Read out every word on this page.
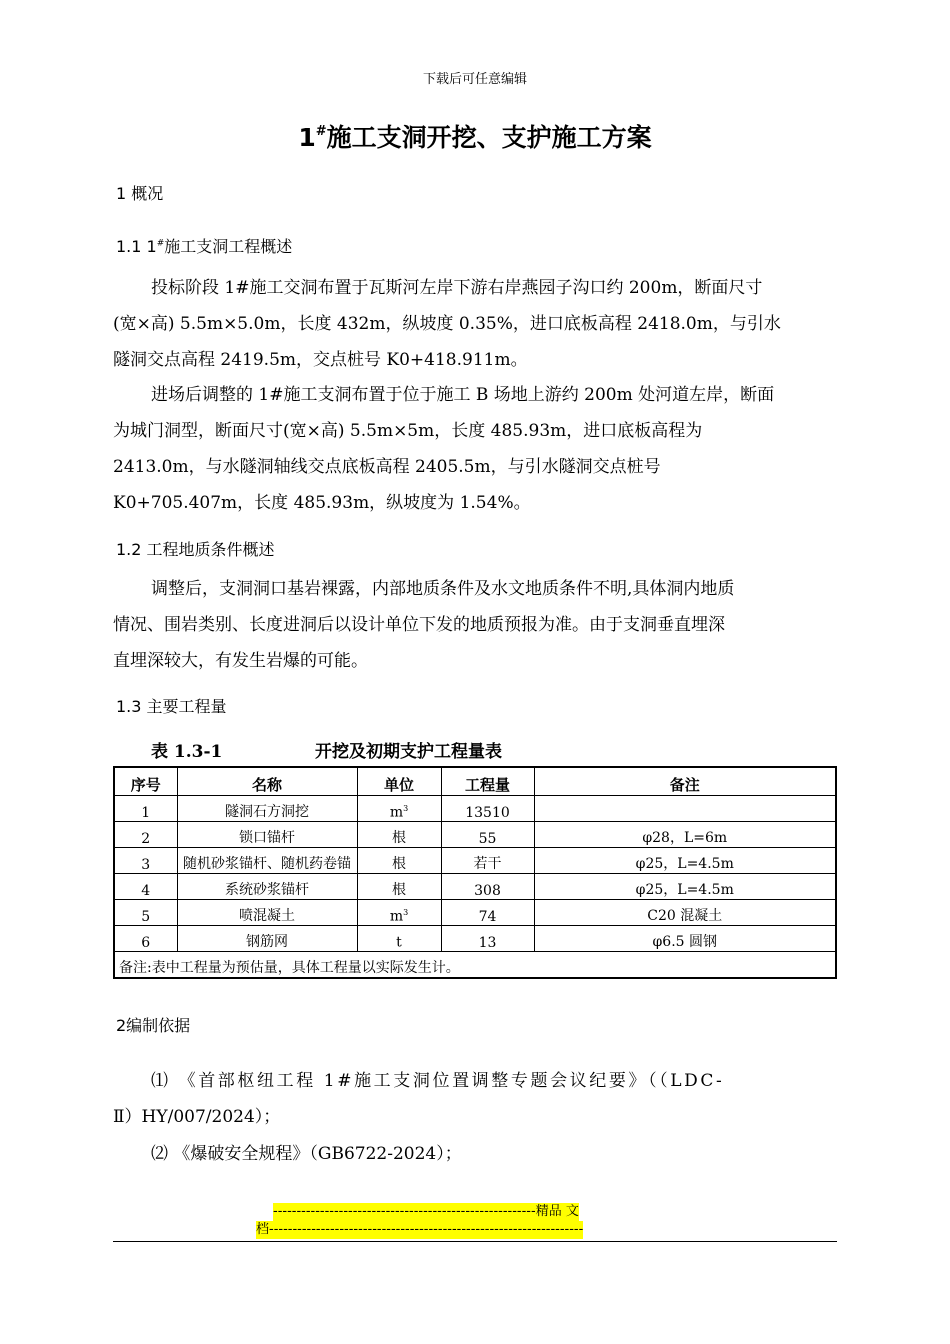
下载后可任意编辑
1#施工支洞开挖、支护施工方案
1 概况
1.1 1#施工支洞工程概述
投标阶段 1#施工交洞布置于瓦斯河左岸下游右岸燕园子沟口约 200m，断面尺寸
(宽×高) 5.5m×5.0m，长度 432m，纵坡度 0.35%，进口底板高程 2418.0m，与引水
隧洞交点高程 2419.5m，交点桩号 K0+418.911m。
进场后调整的 1#施工支洞布置于位于施工 B 场地上游约 200m 处河道左岸，断面
为城门洞型，断面尺寸(宽×高) 5.5m×5m，长度 485.93m，进口底板高程为
2413.0m，与水隧洞轴线交点底板高程 2405.5m，与引水隧洞交点桩号
K0+705.407m，长度 485.93m，纵坡度为 1.54%。
1.2 工程地质条件概述
调整后，支洞洞口基岩裸露，内部地质条件及水文地质条件不明,具体洞内地质
情况、围岩类别、长度进洞后以设计单位下发的地质预报为准。由于支洞垂直埋深
直埋深较大，有发生岩爆的可能。
1.3 主要工程量
表 1.3-1	开挖及初期支护工程量表
序号	名称	单位	工程量	备注
1	隧洞石方洞挖	$m^3$	13510	
2	锁口锚杆	根	55	φ28，L=6m
3	随机砂浆锚杆、随机药卷锚	根	若干	φ25，L=4.5m
4	系统砂浆锚杆	根	308	φ25，L=4.5m
5	喷混凝土	$m^3$	74	C20 混凝土
6	钢筋网	t	13	φ6.5 圆钢
备注:表中工程量为预估量，具体工程量以实际发生计。				
2编制依据
⑴ 《首部枢纽工程 1#施工支洞位置调整专题会议纪要》（（LDC-
Ⅱ）HY/007/2024）；
⑵ 《爆破安全规程》（GB6722-2024）；
--------------------------------------------------------精品 文
档-------------------------------------------------------------------
